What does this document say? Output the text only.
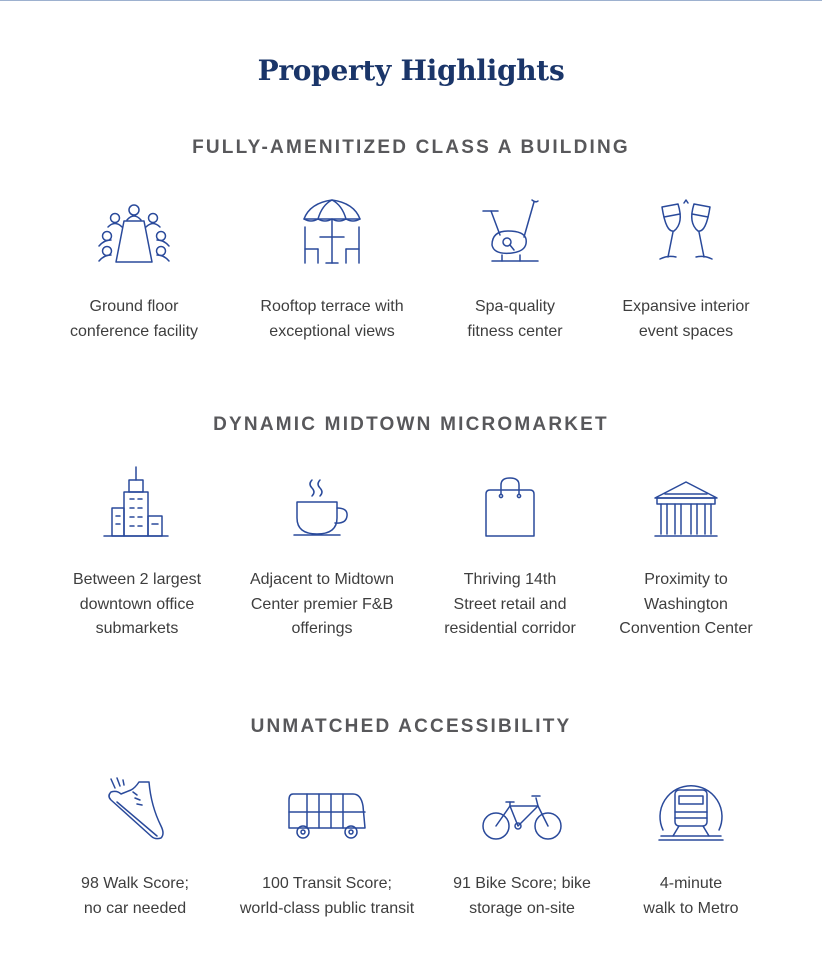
Property Highlights
FULLY-AMENITIZED CLASS A BUILDING
Ground floor
conference facility
Rooftop terrace with
exceptional views
Spa-quality
fitness center
Expansive interior
event spaces
DYNAMIC MIDTOWN MICROMARKET
Between 2 largest
downtown office
submarkets
Adjacent to Midtown
Center premier F&B
offerings
Thriving 14th
Street retail and
residential corridor
Proximity to
Washington
Convention Center
UNMATCHED ACCESSIBILITY
98 Walk Score;
no car needed
100 Transit Score;
world-class public transit
91 Bike Score; bike
storage on-site
4-minute
walk to Metro
